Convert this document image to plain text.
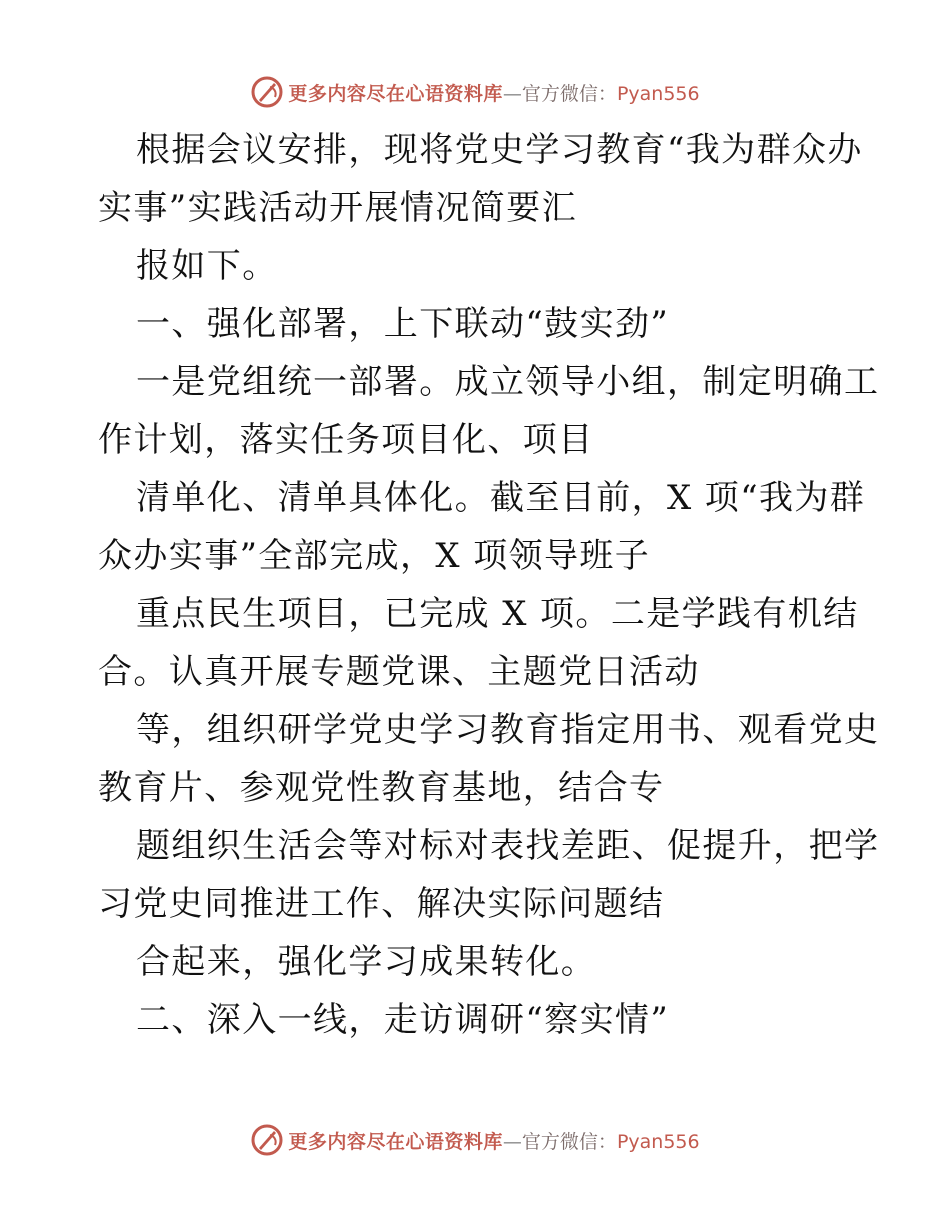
更多内容尽在心语资料库—官方微信：Pyan556
根据会议安排，现将党史学习教育“我为群众办
实事”实践活动开展情况简要汇
报如下。
一、强化部署，上下联动“鼓实劲”
一是党组统一部署。成立领导小组，制定明确工
作计划，落实任务项目化、项目
清单化、清单具体化。截至目前，X 项“我为群
众办实事”全部完成，X 项领导班子
重点民生项目，已完成 X 项。二是学践有机结
合。认真开展专题党课、主题党日活动
等，组织研学党史学习教育指定用书、观看党史
教育片、参观党性教育基地，结合专
题组织生活会等对标对表找差距、促提升，把学
习党史同推进工作、解决实际问题结
合起来，强化学习成果转化。
二、深入一线，走访调研“察实情”
更多内容尽在心语资料库—官方微信：Pyan556
